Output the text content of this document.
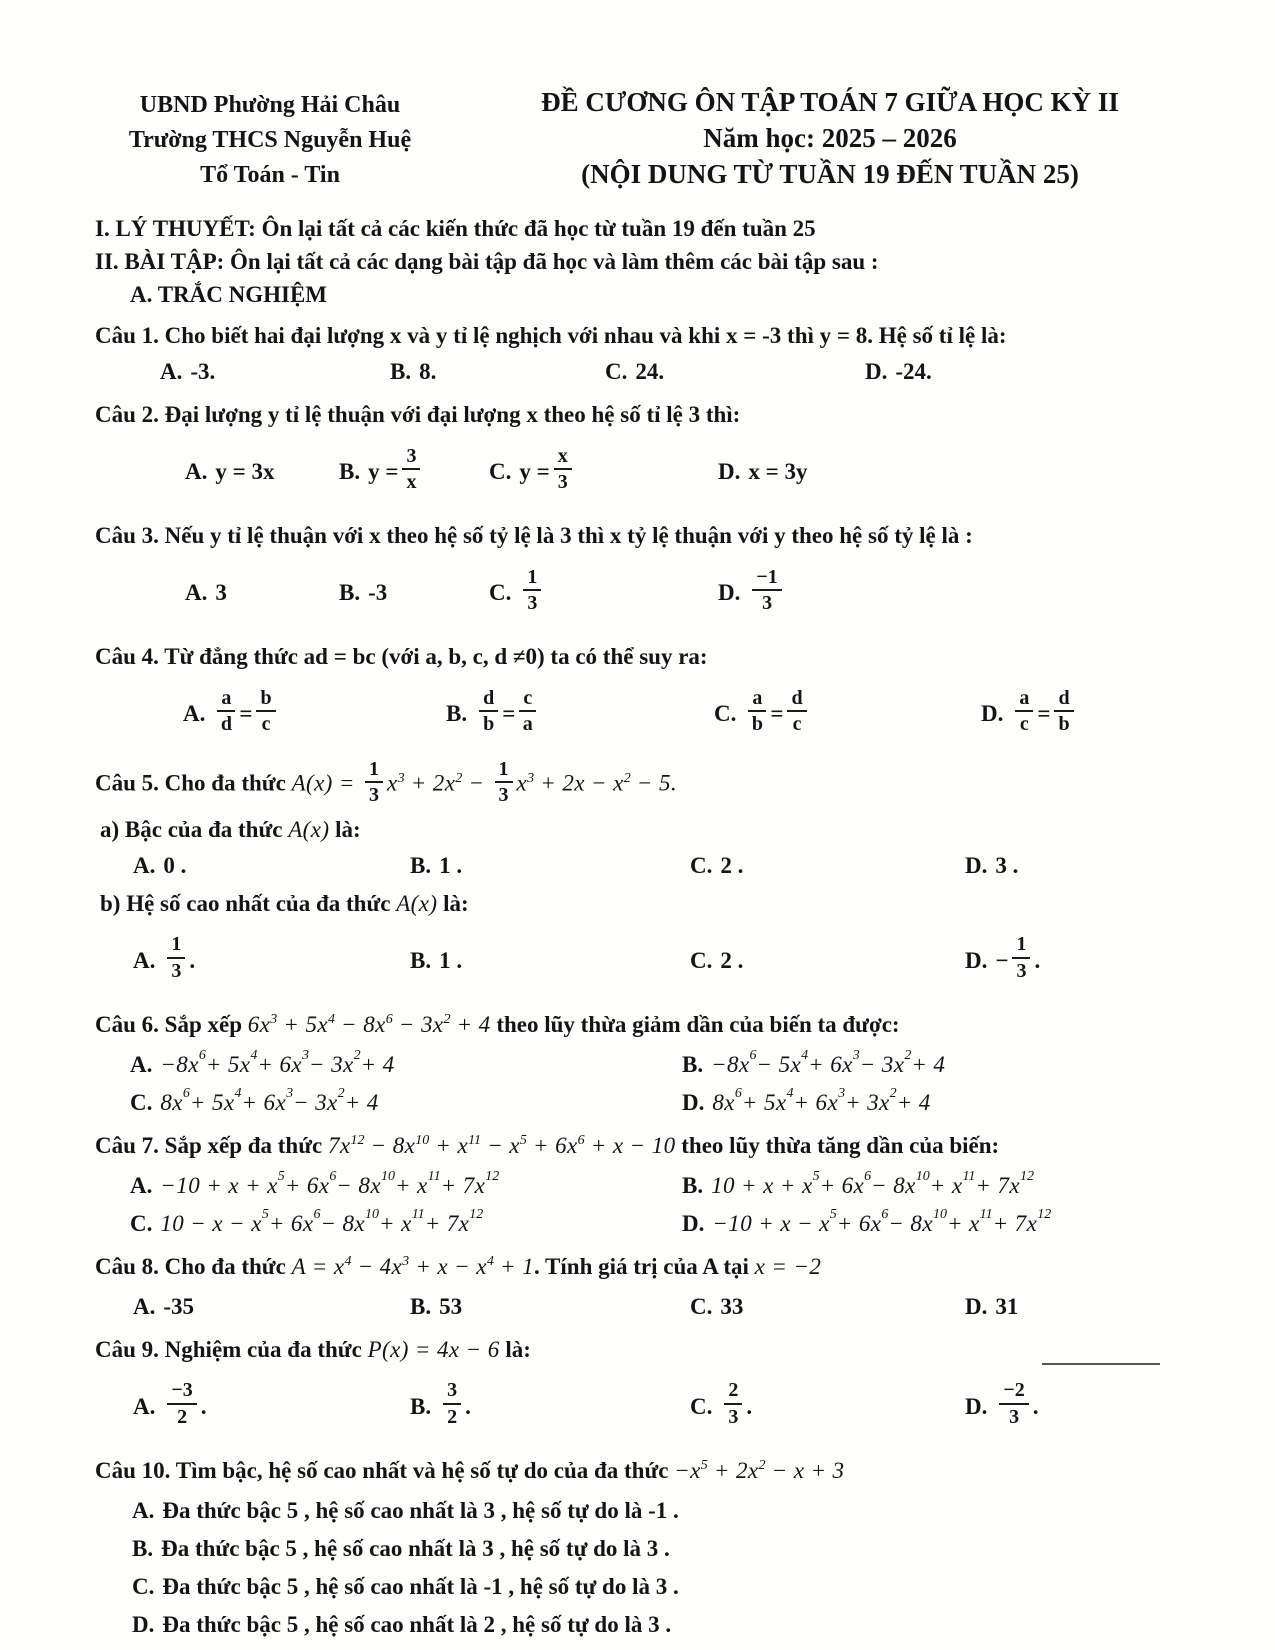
UBND Phường Hải Châu
Trường THCS Nguyễn Huệ
Tổ Toán - Tin
ĐỀ CƯƠNG ÔN TẬP TOÁN 7 GIỮA HỌC KỲ II
Năm học: 2025 – 2026
(NỘI DUNG TỪ TUẦN 19 ĐẾN TUẦN 25)
I. LÝ THUYẾT: Ôn lại tất cả các kiến thức đã học từ tuần 19 đến tuần 25
II. BÀI TẬP: Ôn lại tất cả các dạng bài tập đã học và làm thêm các bài tập sau :
A. TRẮC NGHIỆM
Câu 1. Cho biết hai đại lượng x và y tỉ lệ nghịch với nhau và khi x = -3 thì y = 8. Hệ số tỉ lệ là:
A. -3.	B. 8.	C. 24.	D. -24.
Câu 2. Đại lượng y tỉ lệ thuận với đại lượng x theo hệ số tỉ lệ 3 thì:
A. y = 3x	B. $y = \frac{3}{x}$	C. $y = \frac{x}{3}$	D. x = 3y
Câu 3. Nếu y tỉ lệ thuận với x theo hệ số tỷ lệ là 3 thì x tỷ lệ thuận với y theo hệ số tỷ lệ là :
A. 3	B. -3	C. $\frac{1}{3}$	D. $\frac{-1}{3}$
Câu 4. Từ đẳng thức ad = bc (với a, b, c, d ≠0) ta có thể suy ra:
A. $\frac{a}{d} = \frac{b}{c}$	B. $\frac{d}{b} = \frac{c}{a}$	C. $\frac{a}{b} = \frac{d}{c}$	D. $\frac{a}{c} = \frac{d}{b}$
Câu 5. Cho đa thức $A(x) = \frac{1}{3} x^3 + 2x^2 - \frac{1}{3} x^3 + 2x - x^2 - 5$.
a) Bậc của đa thức A(x) là:
A. 0 .	B. 1 .	C. 2 .	D. 3 .
b) Hệ số cao nhất của đa thức A(x) là:
A. $\frac{1}{3}$ .	B. 1 .	C. 2 .	D. − $\frac{1}{3}$ .
Câu 6. Sắp xếp $6x^3 + 5x^4 - 8x^6 - 3x^2 + 4$ theo lũy thừa giảm dần của biến ta được:
A. −8x 6 + 5x 4 + 6x 3 − 3x 2 + 4	B. −8x 6 − 5x 4 + 6x 3 − 3x 2 + 4
C. 8x 6 + 5x 4 + 6x 3 − 3x 2 + 4	D. 8x 6 + 5x 4 + 6x 3 + 3x 2 + 4
Câu 7. Sắp xếp đa thức $7x^{12} - 8x^{10} + x^{11} - x^5 + 6x^6 + x - 10$ theo lũy thừa tăng dần của biến:
A. −10 + x + x 5 + 6x 6 − 8x 10 + x 11 + 7x 12	B. 10 + x + x 5 + 6x 6 − 8x 10 + x 11 + 7x 12
C. 10 − x − x 5 + 6x 6 − 8x 10 + x 11 + 7x 12	D. −10 + x − x 5 + 6x 6 − 8x 10 + x 11 + 7x 12
Câu 8. Cho đa thức $A = x^4 - 4x^3 + x - x^4 + 1$. Tính giá trị của A tại x = −2
A. -35	B. 53	C. 33	D. 31
Câu 9. Nghiệm của đa thức P(x) = 4x − 6 là:
A. $\frac{-3}{2}$ .	B. $\frac{3}{2}$ .	C. $\frac{2}{3}$ .	D. $\frac{-2}{3}$ .
Câu 10. Tìm bậc, hệ số cao nhất và hệ số tự do của đa thức $-x^5 + 2x^2 - x + 3$
A. Đa thức bậc 5 , hệ số cao nhất là 3 , hệ số tự do là -1 .
B. Đa thức bậc 5 , hệ số cao nhất là 3 , hệ số tự do là 3 .
C. Đa thức bậc 5 , hệ số cao nhất là -1 , hệ số tự do là 3 .
D. Đa thức bậc 5 , hệ số cao nhất là 2 , hệ số tự do là 3 .
